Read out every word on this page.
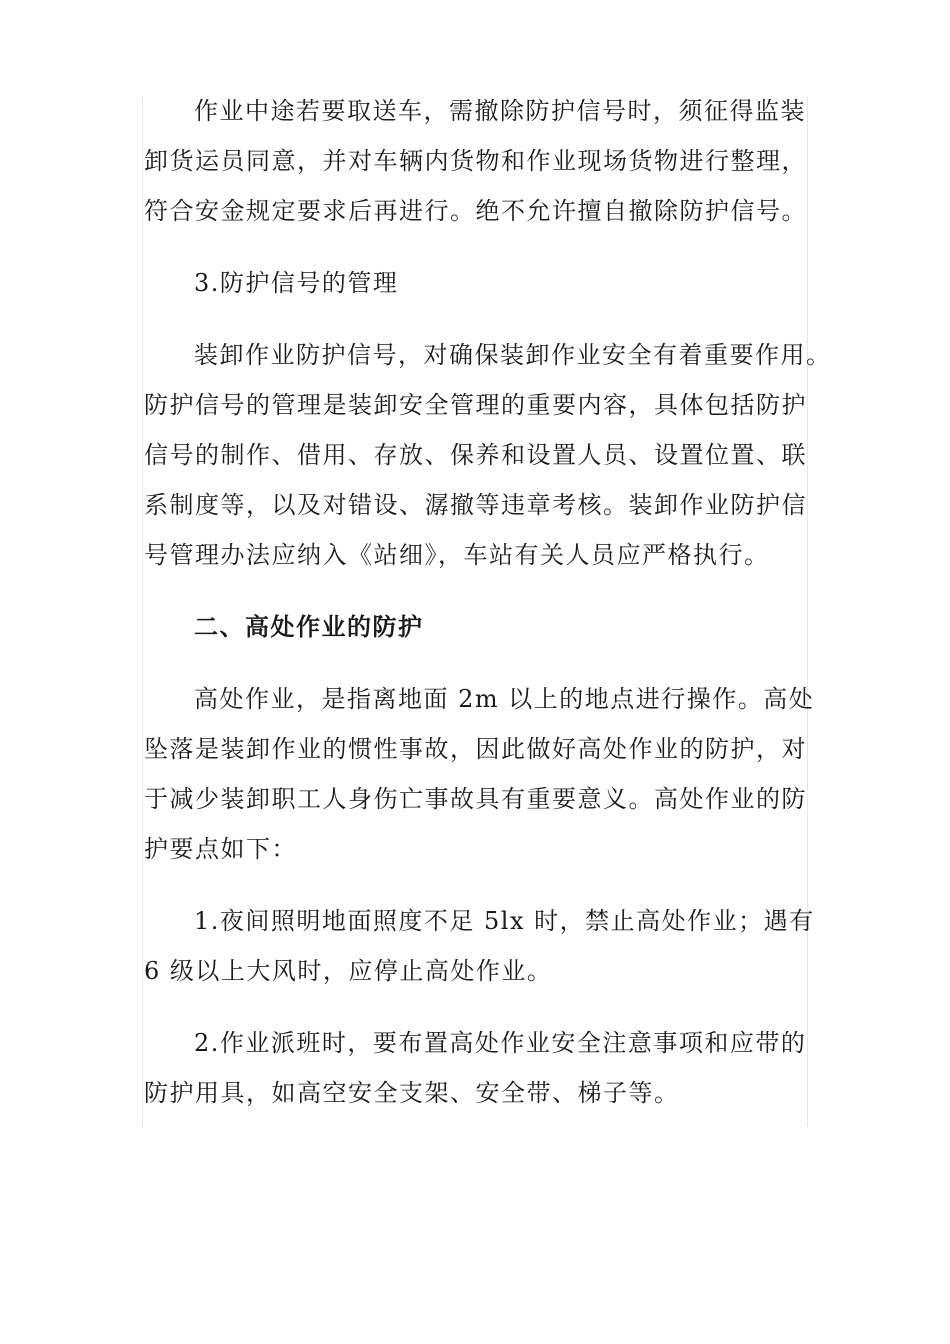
作业中途若要取送车，需撤除防护信号时，须征得监装
卸货运员同意，并对车辆内货物和作业现场货物进行整理，
符合安金规定要求后再进行。绝不允许擅自撤除防护信号。

3.防护信号的管理

装卸作业防护信号，对确保装卸作业安全有着重要作用。
防护信号的管理是装卸安全管理的重要内容，具体包括防护
信号的制作、借用、存放、保养和设置人员、设置位置、联
系制度等，以及对错设、潺撤等违章考核。装卸作业防护信
号管理办法应纳入《站细》，车站有关人员应严格执行。

二、高处作业的防护

高处作业，是指离地面 2m 以上的地点进行操作。高处
坠落是装卸作业的惯性事故，因此做好高处作业的防护，对
于减少装卸职工人身伤亡事故具有重要意义。高处作业的防
护要点如下：

1.夜间照明地面照度不足 5lx 时，禁止高处作业；遇有
6 级以上大风时，应停止高处作业。

2.作业派班时，要布置高处作业安全注意事项和应带的
防护用具，如高空安全支架、安全带、梯子等。
